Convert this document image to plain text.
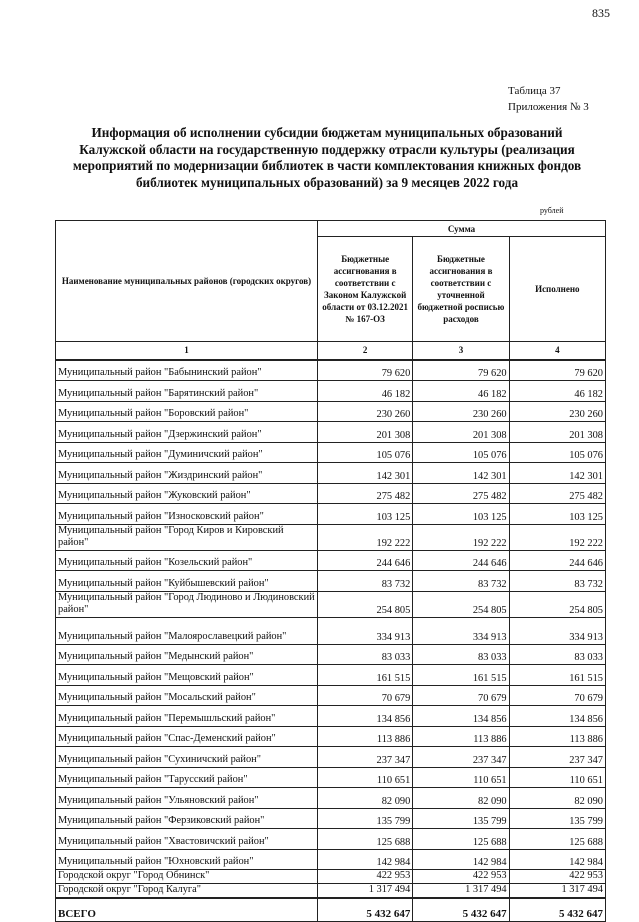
835
Таблица 37
Приложения № 3
Информация об исполнении субсидии бюджетам муниципальных образований Калужской области на государственную поддержку отрасли культуры (реализация мероприятий по модернизации библиотек в части комплектования книжных фондов библиотек муниципальных образований) за 9 месяцев 2022 года
рублей
Наименование муниципальных районов (городских округов)	Сумма		
	Бюджетные ассигнования в соответствии с Законом Калужской области от 03.12.2021 № 167-ОЗ	Бюджетные ассигнования в соответствии с уточненной бюджетной росписью расходов	Исполнено
1	2	3	4
Муниципальный район "Бабынинский район"	79 620	79 620	79 620
Муниципальный район "Барятинский район"	46 182	46 182	46 182
Муниципальный район "Боровский район"	230 260	230 260	230 260
Муниципальный район "Дзержинский район"	201 308	201 308	201 308
Муниципальный район "Думиничский район"	105 076	105 076	105 076
Муниципальный район "Жиздринский район"	142 301	142 301	142 301
Муниципальный район "Жуковский район"	275 482	275 482	275 482
Муниципальный район "Износковский район"	103 125	103 125	103 125
Муниципальный район "Город Киров и Кировский район"	192 222	192 222	192 222
Муниципальный район "Козельский район"	244 646	244 646	244 646
Муниципальный район "Куйбышевский район"	83 732	83 732	83 732
Муниципальный район "Город Людиново и Людиновский район"	254 805	254 805	254 805
Муниципальный район "Малоярославецкий район"	334 913	334 913	334 913
Муниципальный район "Медынский район"	83 033	83 033	83 033
Муниципальный район "Мещовский район"	161 515	161 515	161 515
Муниципальный район "Мосальский район"	70 679	70 679	70 679
Муниципальный район "Перемышльский район"	134 856	134 856	134 856
Муниципальный район "Спас-Деменский район"	113 886	113 886	113 886
Муниципальный район "Сухиничский район"	237 347	237 347	237 347
Муниципальный район "Тарусский район"	110 651	110 651	110 651
Муниципальный район "Ульяновский район"	82 090	82 090	82 090
Муниципальный район "Ферзиковский район"	135 799	135 799	135 799
Муниципальный район "Хвастовичский район"	125 688	125 688	125 688
Муниципальный район "Юхновский район"	142 984	142 984	142 984
Городской округ "Город Обнинск"	422 953	422 953	422 953
Городской округ "Город Калуга"	1 317 494	1 317 494	1 317 494
ВСЕГО	5 432 647	5 432 647	5 432 647
